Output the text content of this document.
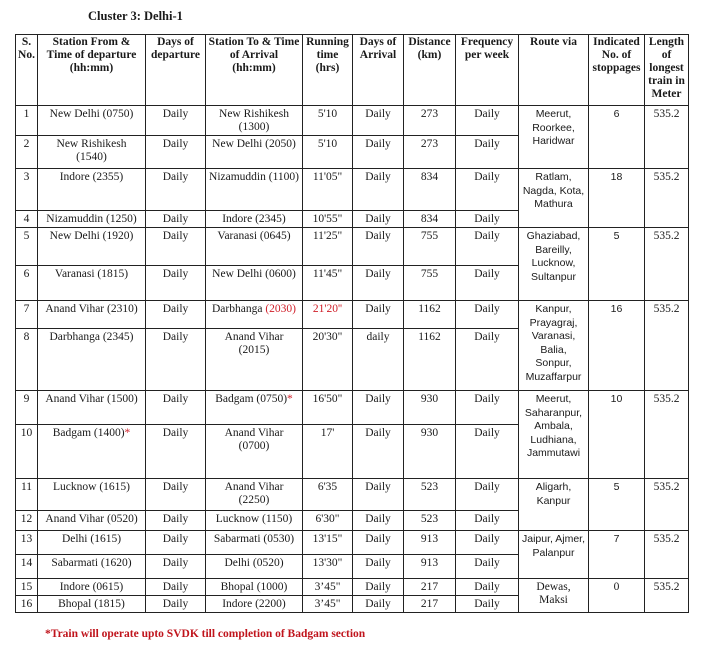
Cluster 3: Delhi-1
S. No.	Station From & Time of departure (hh:mm)	Days of departure	Station To & Time of Arrival (hh:mm)	Running time (hrs)	Days of Arrival	Distance (km)	Frequency per week	Route via	Indicated No. of stoppages	Length of longest train in Meter
1	New Delhi (0750)	Daily	New Rishikesh (1300)	5'10	Daily	273	Daily	Meerut, Roorkee, Haridwar	6	535.2
2	New Rishikesh (1540)	Daily	New Delhi (2050)	5'10	Daily	273	Daily			
3	Indore (2355)	Daily	Nizamuddin (1100)	11'05"	Daily	834	Daily	Ratlam, Nagda, Kota, Mathura	18	535.2
4	Nizamuddin (1250)	Daily	Indore (2345)	10'55"	Daily	834	Daily			
5	New Delhi (1920)	Daily	Varanasi (0645)	11'25"	Daily	755	Daily	Ghaziabad, Bareilly, Lucknow, Sultanpur	5	535.2
6	Varanasi (1815)	Daily	New Delhi (0600)	11'45"	Daily	755	Daily			
7	Anand Vihar (2310)	Daily	Darbhanga (2030)	21'20''	Daily	1162	Daily	Kanpur, Prayagraj, Varanasi, Balia, Sonpur, Muzaffarpur	16	535.2
8	Darbhanga (2345)	Daily	Anand Vihar (2015)	20'30"	daily	1162	Daily			
9	Anand Vihar (1500)	Daily	Badgam (0750)*	16'50"	Daily	930	Daily	Meerut, Saharanpur, Ambala, Ludhiana, Jammutawi	10	535.2
10	Badgam (1400)*	Daily	Anand Vihar (0700)	17'	Daily	930	Daily			
11	Lucknow (1615)	Daily	Anand Vihar (2250)	6'35	Daily	523	Daily	Aligarh, Kanpur	5	535.2
12	Anand Vihar (0520)	Daily	Lucknow (1150)	6'30"	Daily	523	Daily			
13	Delhi (1615)	Daily	Sabarmati (0530)	13'15"	Daily	913	Daily	Jaipur, Ajmer, Palanpur	7	535.2
14	Sabarmati (1620)	Daily	Delhi (0520)	13'30"	Daily	913	Daily			
15	Indore (0615)	Daily	Bhopal (1000)	3’45"	Daily	217	Daily	Dewas, Maksi	0	535.2
16	Bhopal (1815)	Daily	Indore (2200)	3’45"	Daily	217	Daily			
*Train will operate upto SVDK till completion of Badgam section
